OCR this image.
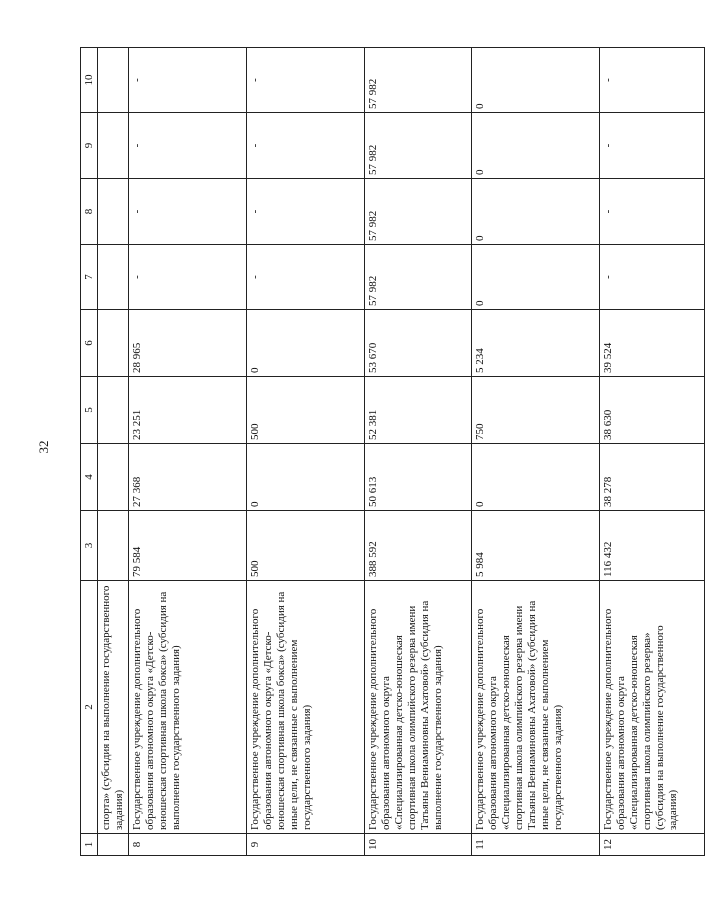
32
1	2	3	4	5	6	7	8	9	10
	спорта» (субсидия на выполнение государственного задания)								
8	Государственное учреждение дополнительного образования автономного округа «Детско-юношеская спортивная школа бокса» (субсидия на выполнение государственного задания)	79 584	27 368	23 251	28 965	-	-	-	-
9	Государственное учреждение дополнительного образования автономного округа «Детско-юношеская спортивная школа бокса» (субсидия на иные цели, не связанные с выполнением государственного задания)	500	0	500	0	-	-	-	-
10	Государственное учреждение дополнительного образования автономного округа «Специализированная детско-юношеская спортивная школа олимпийского резерва имени Татьяны Вениаминовны Ахатовой» (субсидия на выполнение государственного задания)	388 592	50 613	52 381	53 670	57 982	57 982	57 982	57 982
11	Государственное учреждение дополнительного образования автономного округа «Специализированная детско-юношеская спортивная школа олимпийского резерва имени Татьяны Вениаминовны Ахатовой» (субсидия на иные цели, не связанные с выполнением государственного задания)	5 984	0	750	5 234	0	0	0	0
12	Государственное учреждение дополнительного образования автономного округа «Специализированная детско-юношеская спортивная школа олимпийского резерва» (субсидия на выполнение государственного задания)	116 432	38 278	38 630	39 524	-	-	-	-
